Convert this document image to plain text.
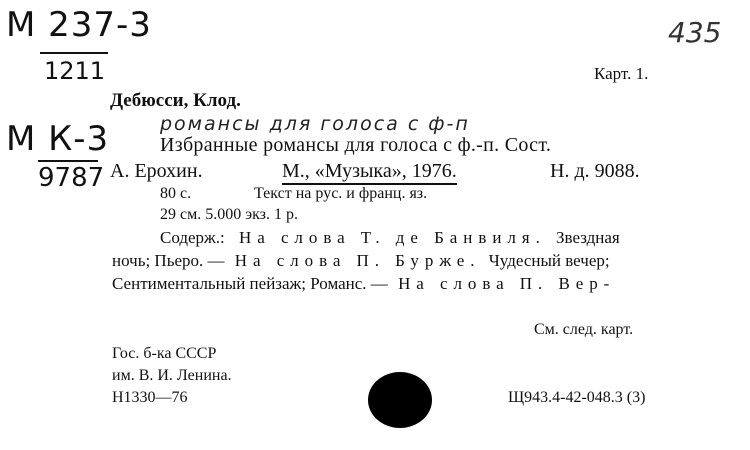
М 237-3
1211
М К-3
9787
435
Карт. 1.
Дебюсси, Клод.
романсы для голоса с ф-п
Избранные романсы для голоса с ф.-п. Сост.
А. Ерохин.	М., «Музыка», 1976.	Н. д. 9088.
80 с.	Текст на рус. и франц. яз.
29 см. 5.000 экз. 1 р.
Содерж.: На слова Т. де Банвиля. Звездная
ночь; Пьеро. — На слова П. Бурже. Чудесный вечер;
Сентиментальный пейзаж; Романс. — На слова П. Вер-
См. след. карт.
Гос. б-ка СССР
им. В. И. Ленина.
Н1330—76	Щ943.4-42-048.3 (3)
